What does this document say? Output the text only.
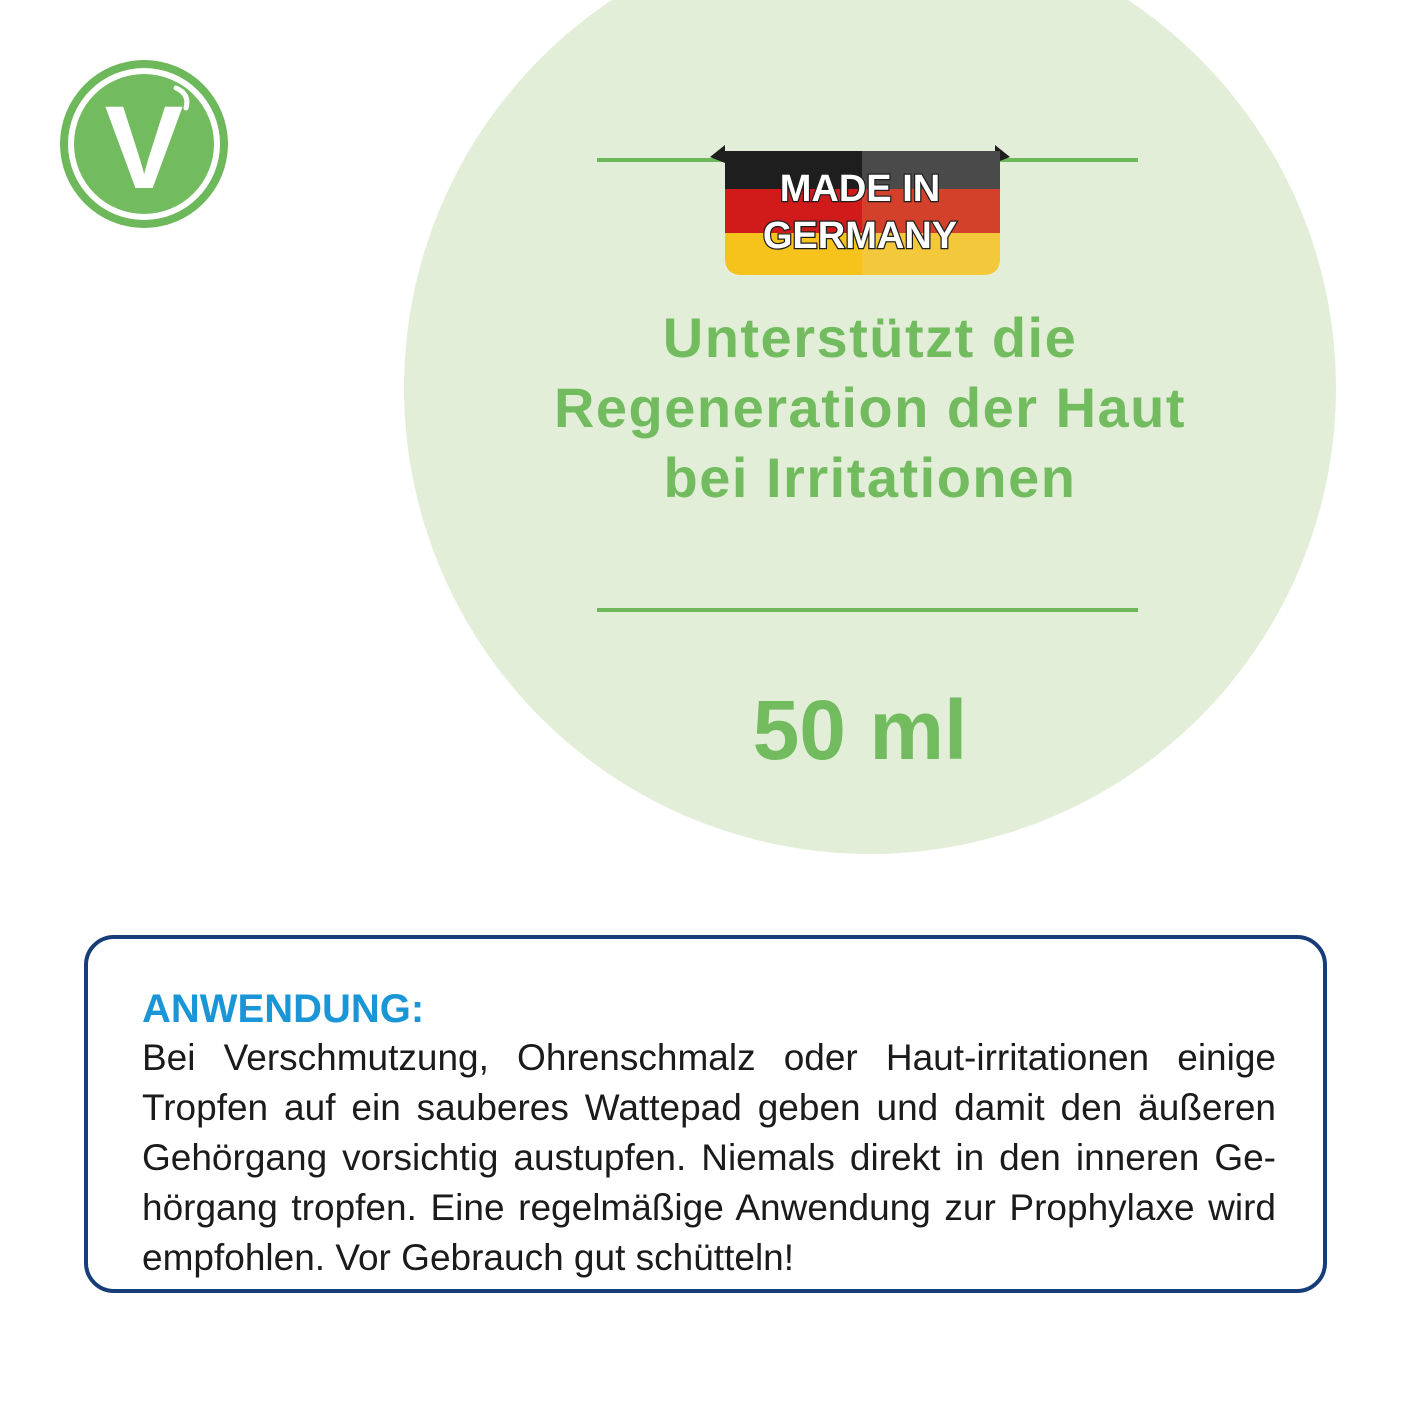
V	MADE IN
GERMANY
Unterstützt die
Regeneration der Haut
bei Irritationen
50 ml
ANWENDUNG:
Bei Verschmutzung, Ohrenschmalz oder Haut-irritationen einige Tropfen auf ein sauberes Wattepad geben und damit den äußeren Gehörgang vorsichtig austupfen. Niemals direkt in den inneren Ge-hörgang tropfen. Eine regelmäßige Anwendung zur Prophylaxe wird empfohlen. Vor Gebrauch gut schütteln!
